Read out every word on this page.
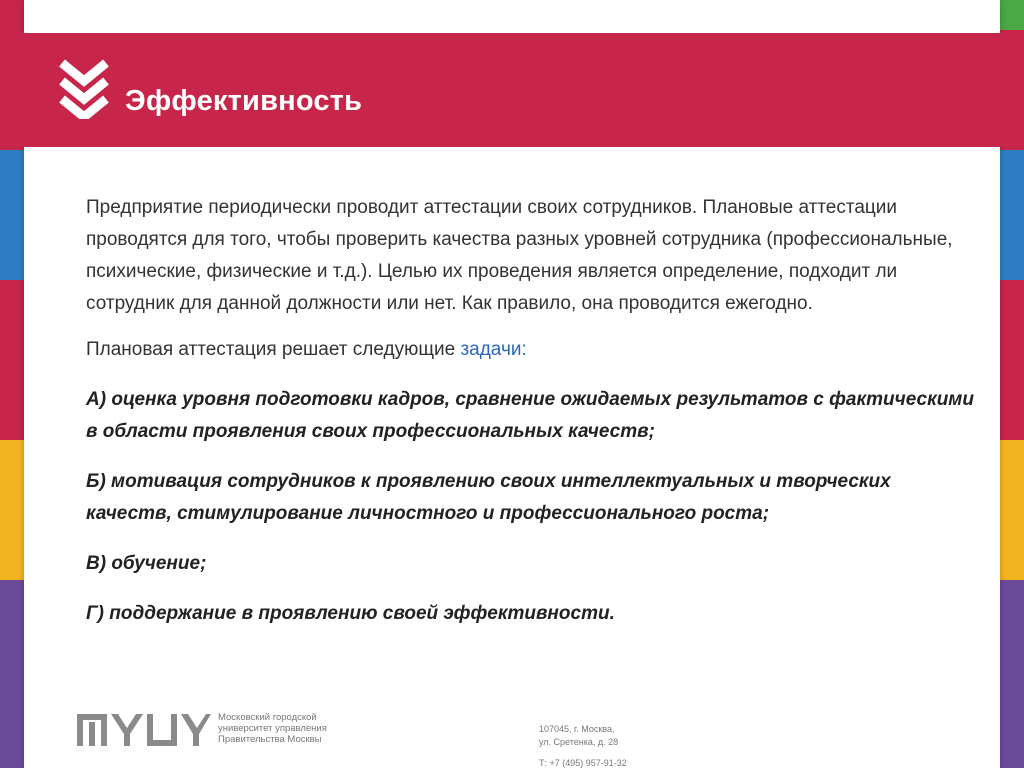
Эффективность

Предприятие периодически проводит аттестации своих сотрудников. Плановые аттестации проводятся для того, чтобы проверить качества разных уровней сотрудника (профессиональные, психические, физические и т.д.). Целью их проведения является определение, подходит ли сотрудник для данной должности или нет. Как правило, она проводится ежегодно.

Плановая аттестация решает следующие задачи:

А) оценка уровня подготовки кадров, сравнение ожидаемых результатов с фактическими в области проявления своих профессиональных качеств;

Б) мотивация сотрудников к проявлению своих интеллектуальных и творческих качеств, стимулирование личностного и профессионального роста;

В) обучение;

Г) поддержание в проявлению своей эффективности.

Московский городской
университет управления
Правительства Москвы
107045, г. Москва,
ул. Сретенка, д. 28
Т: +7 (495) 957-91-32
